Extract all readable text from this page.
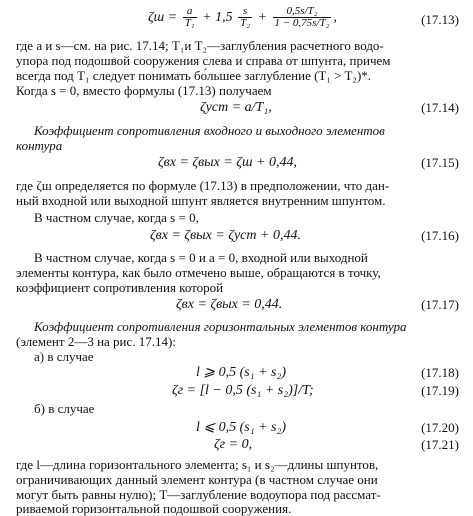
$\zeta ш = \frac{a}{\text{T₁}} + 1,5 \frac{s}{\text{T₂}} + \frac{\text{0,5s/T₂}}{\text{1 − 0,75s/T₂}}$ ,	(17.13)
где a и s—см. на рис. 17.14; T₁и T₂—заглубления расчетного водо-
упора под подошвой сооружения слева и справа от шпунта, причем
всегда под T₁ следует понимать бо́льшее заглубление (T₁ > T₂)*.
Когда s = 0, вместо формулы (17.13) получаем
ζуст = a/T₁,	(17.14)
Коэффициент сопротивления входного и выходного элементов
контура
ζвх = ζвых = ζш + 0,44,	(17.15)
где ζш определяется по формуле (17.13) в предположении, что дан-
ный входной или выходной шпунт является внутренним шпунтом.
В частном случае, когда s = 0,
ζвх = ζвых = ζуст + 0,44.	(17.16)
В частном случае, когда s = 0 и a = 0, входной или выходной
элементы контура, как было отмечено выше, обращаются в точку,
коэффициент сопротивления которой
ζвх = ζвых = 0,44.	(17.17)
Коэффициент сопротивления горизонтальных элементов контура
(элемент 2—3 на рис. 17.14):
а) в случае
l ⩾ 0,5 (s₁ + s₂)	(17.18)
ζг = [l − 0,5 (s₁ + s₂)]/T;	(17.19)
б) в случае
l ⩽ 0,5 (s₁ + s₂)	(17.20)
ζг = 0,	(17.21)
где l—длина горизонтального элемента; s₁ и s₂—длины шпунтов,
ограничивающих данный элемент контура (в частном случае они
могут быть равны нулю); T—заглубление водоупора под рассмат-
риваемой горизонтальной подошвой сооружения.
